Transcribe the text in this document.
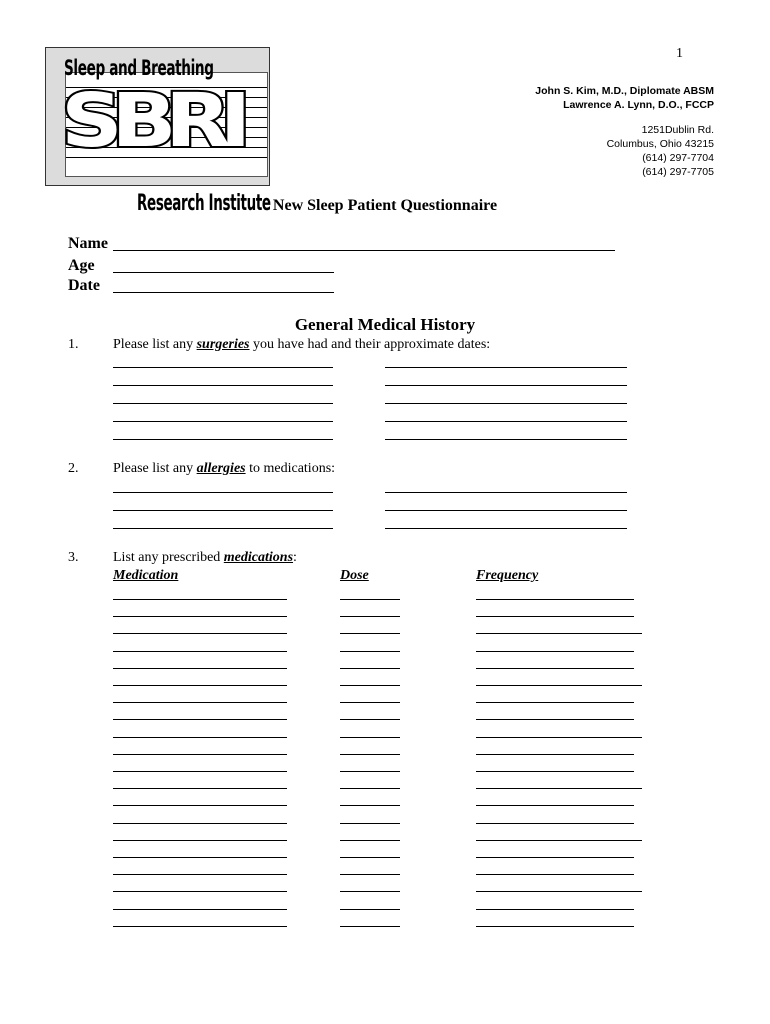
1
Sleep and Breathing
SBRI
Research Institute
John S. Kim, M.D., Diplomate ABSM
Lawrence A. Lynn, D.O., FCCP
1251Dublin Rd.
Columbus, Ohio 43215
(614) 297-7704
(614) 297-7705
New Sleep Patient Questionnaire
Name
Age
Date
General Medical History
1. Please list any surgeries you have had and their approximate dates:
2. Please list any allergies to medications:
3. List any prescribed medications:
Medication	Dose	Frequency
